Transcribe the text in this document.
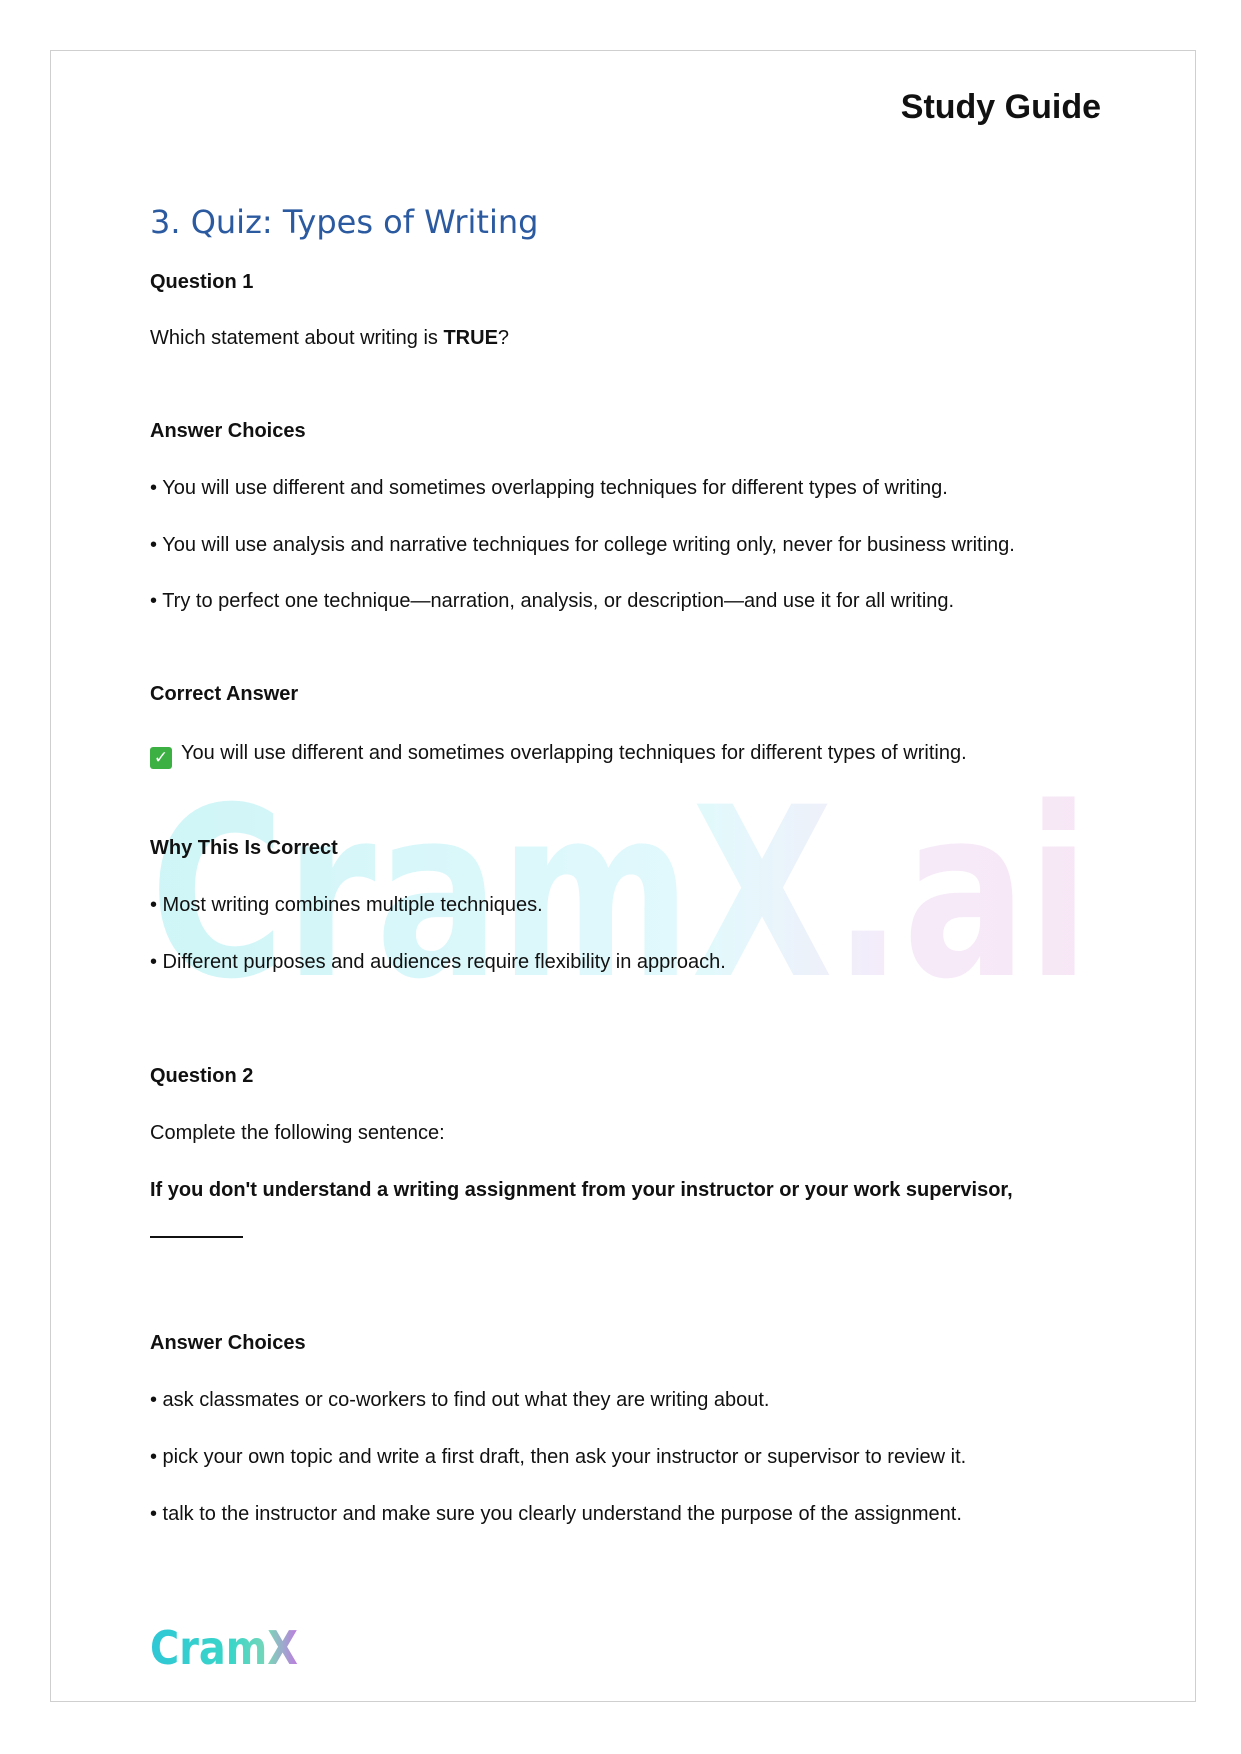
CramX.ai
Study Guide
3. Quiz: Types of Writing
Question 1
Which statement about writing is TRUE?
Answer Choices
• You will use different and sometimes overlapping techniques for different types of writing.
• You will use analysis and narrative techniques for college writing only, never for business writing.
• Try to perfect one technique—narration, analysis, or description—and use it for all writing.
Correct Answer
✓ You will use different and sometimes overlapping techniques for different types of writing.
Why This Is Correct
• Most writing combines multiple techniques.
• Different purposes and audiences require flexibility in approach.
Question 2
Complete the following sentence:
If you don't understand a writing assignment from your instructor or your work supervisor,
Answer Choices
• ask classmates or co-workers to find out what they are writing about.
• pick your own topic and write a first draft, then ask your instructor or supervisor to review it.
• talk to the instructor and make sure you clearly understand the purpose of the assignment.
CramX
